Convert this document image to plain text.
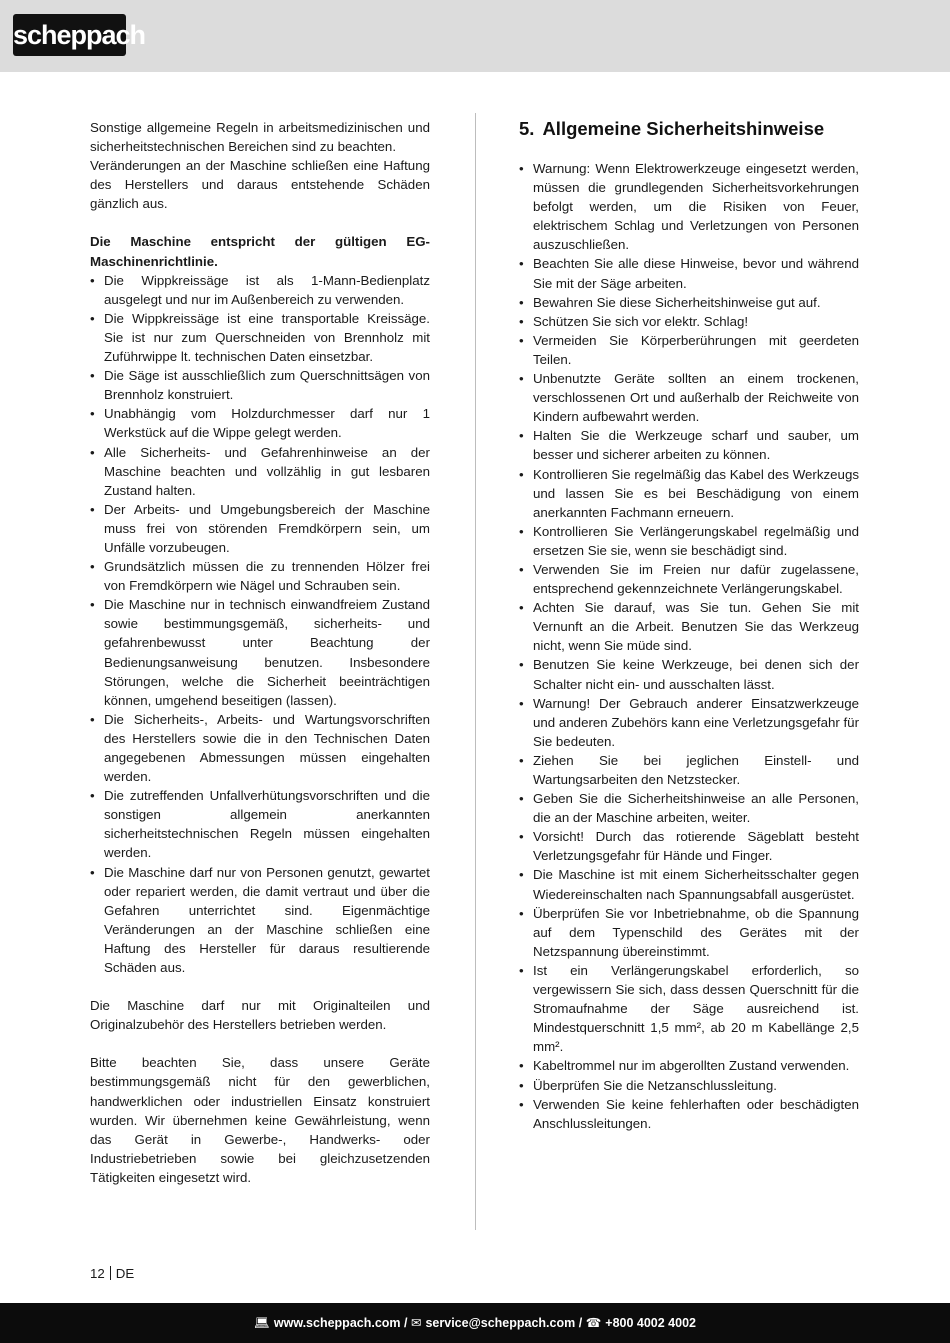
scheppach

Sonstige allgemeine Regeln in arbeitsmedizinischen und sicherheitstechnischen Bereichen sind zu beachten.

Veränderungen an der Maschine schließen eine Haftung des Herstellers und daraus entstehende Schäden gänzlich aus.

Die Maschine entspricht der gültigen EG-Maschinenrichtlinie.

• Die Wippkreissäge ist als 1-Mann-Bedienplatz ausgelegt und nur im Außenbereich zu verwenden.
• Die Wippkreissäge ist eine transportable Kreissäge. Sie ist nur zum Querschneiden von Brennholz mit Zuführwippe lt. technischen Daten einsetzbar.
• Die Säge ist ausschließlich zum Querschnittsägen von Brennholz konstruiert.
• Unabhängig vom Holzdurchmesser darf nur 1 Werkstück auf die Wippe gelegt werden.
• Alle Sicherheits- und Gefahrenhinweise an der Maschine beachten und vollzählig in gut lesbaren Zustand halten.
• Der Arbeits- und Umgebungsbereich der Maschine muss frei von störenden Fremdkörpern sein, um Unfälle vorzubeugen.
• Grundsätzlich müssen die zu trennenden Hölzer frei von Fremdkörpern wie Nägel und Schrauben sein.
• Die Maschine nur in technisch einwandfreiem Zustand sowie bestimmungsgemäß, sicherheits- und gefahrenbewusst unter Beachtung der Bedienungsanweisung benutzen. Insbesondere Störungen, welche die Sicherheit beeinträchtigen können, umgehend beseitigen (lassen).
• Die Sicherheits-, Arbeits- und Wartungsvorschriften des Herstellers sowie die in den Technischen Daten angegebenen Abmessungen müssen eingehalten werden.
• Die zutreffenden Unfallverhütungsvorschriften und die sonstigen allgemein anerkannten sicherheitstechnischen Regeln müssen eingehalten werden.
• Die Maschine darf nur von Personen genutzt, gewartet oder repariert werden, die damit vertraut und über die Gefahren unterrichtet sind. Eigenmächtige Veränderungen an der Maschine schließen eine Haftung des Hersteller für daraus resultierende Schäden aus.

Die Maschine darf nur mit Originalteilen und Originalzubehör des Herstellers betrieben werden.

Bitte beachten Sie, dass unsere Geräte bestimmungsgemäß nicht für den gewerblichen, handwerklichen oder industriellen Einsatz konstruiert wurden. Wir übernehmen keine Gewährleistung, wenn das Gerät in Gewerbe-, Handwerks- oder Industriebetrieben sowie bei gleichzusetzenden Tätigkeiten eingesetzt wird.

5. Allgemeine Sicherheitshinweise
• Warnung: Wenn Elektrowerkzeuge eingesetzt werden, müssen die grundlegenden Sicherheitsvorkehrungen befolgt werden, um die Risiken von Feuer, elektrischem Schlag und Verletzungen von Personen auszuschließen.
• Beachten Sie alle diese Hinweise, bevor und während Sie mit der Säge arbeiten.
• Bewahren Sie diese Sicherheitshinweise gut auf.
• Schützen Sie sich vor elektr. Schlag!
• Vermeiden Sie Körperberührungen mit geerdeten Teilen.
• Unbenutzte Geräte sollten an einem trockenen, verschlossenen Ort und außerhalb der Reichweite von Kindern aufbewahrt werden.
• Halten Sie die Werkzeuge scharf und sauber, um besser und sicherer arbeiten zu können.
• Kontrollieren Sie regelmäßig das Kabel des Werkzeugs und lassen Sie es bei Beschädigung von einem anerkannten Fachmann erneuern.
• Kontrollieren Sie Verlängerungskabel regelmäßig und ersetzen Sie sie, wenn sie beschädigt sind.
• Verwenden Sie im Freien nur dafür zugelassene, entsprechend gekennzeichnete Verlängerungskabel.
• Achten Sie darauf, was Sie tun. Gehen Sie mit Vernunft an die Arbeit. Benutzen Sie das Werkzeug nicht, wenn Sie müde sind.
• Benutzen Sie keine Werkzeuge, bei denen sich der Schalter nicht ein- und ausschalten lässt.
• Warnung! Der Gebrauch anderer Einsatzwerkzeuge und anderen Zubehörs kann eine Verletzungsgefahr für Sie bedeuten.
• Ziehen Sie bei jeglichen Einstell- und Wartungsarbeiten den Netzstecker.
• Geben Sie die Sicherheitshinweise an alle Personen, die an der Maschine arbeiten, weiter.
• Vorsicht! Durch das rotierende Sägeblatt besteht Verletzungsgefahr für Hände und Finger.
• Die Maschine ist mit einem Sicherheitsschalter gegen Wiedereinschalten nach Spannungsabfall ausgerüstet.
• Überprüfen Sie vor Inbetriebnahme, ob die Spannung auf dem Typenschild des Gerätes mit der Netzspannung übereinstimmt.
• Ist ein Verlängerungskabel erforderlich, so vergewissern Sie sich, dass dessen Querschnitt für die Stromaufnahme der Säge ausreichend ist. Mindestquerschnitt 1,5 mm², ab 20 m Kabellänge 2,5 mm².
• Kabeltrommel nur im abgerollten Zustand verwenden.
• Überprüfen Sie die Netzanschlussleitung.
• Verwenden Sie keine fehlerhaften oder beschädigten Anschlussleitungen.
12 DE
💻︎ www.scheppach.com / ✉ service@scheppach.com / ☎ +800 4002 4002
